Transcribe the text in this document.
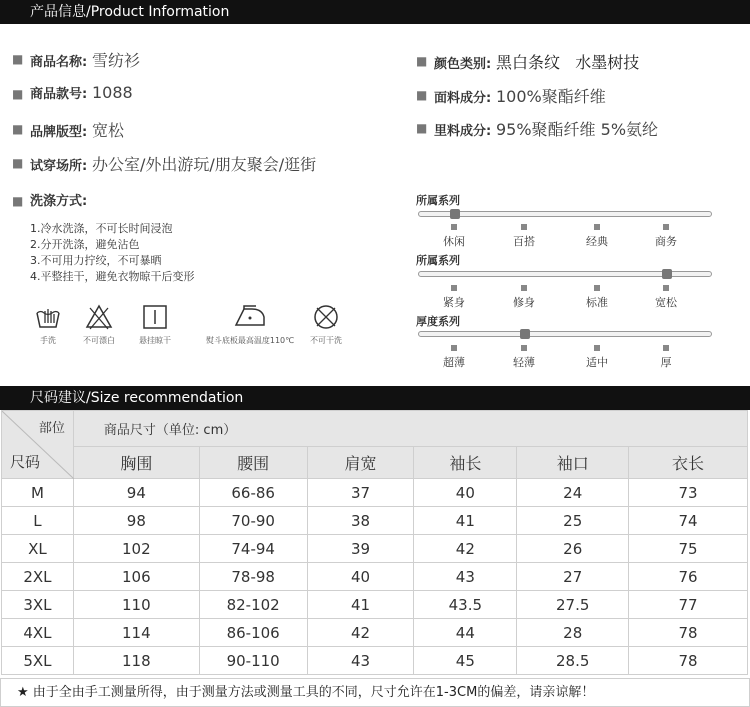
产品信息/Product Information
■ 商品名称: 雪纺衫
■ 商品款号: 1088
■ 品牌版型: 宽松
■ 试穿场所: 办公室/外出游玩/朋友聚会/逛街
■ 洗涤方式:
■ 颜色类别: 黑白条纹   水墨树技
■ 面料成分: 100%聚酯纤维
■ 里料成分: 95%聚酯纤维 5%氨纶
1.冷水洗涤，不可长时间浸泡
2.分开洗涤，避免沾色
3.不可用力拧绞，不可暴晒
4.平整挂干，避免衣物晾干后变形
手洗	不可漂白	悬挂晾干	熨斗底板最高温度110℃	不可干洗
所属系列
休闲	百搭	经典	商务
所属系列
紧身	修身	标准	宽松
厚度系列
超薄	轻薄	适中	厚
尺码建议/Size recommendation
部位
尺码	商品尺寸（单位: cm）					
	胸围	腰围	肩宽	袖长	袖口	衣长
M	94	66-86	37	40	24	73
L	98	70-90	38	41	25	74
XL	102	74-94	39	42	26	75
2XL	106	78-98	40	43	27	76
3XL	110	82-102	41	43.5	27.5	77
4XL	114	86-106	42	44	28	78
5XL	118	90-110	43	45	28.5	78
★ 由于全由手工测量所得，由于测量方法或测量工具的不同，尺寸允许在1-3CM的偏差，请亲谅解！
